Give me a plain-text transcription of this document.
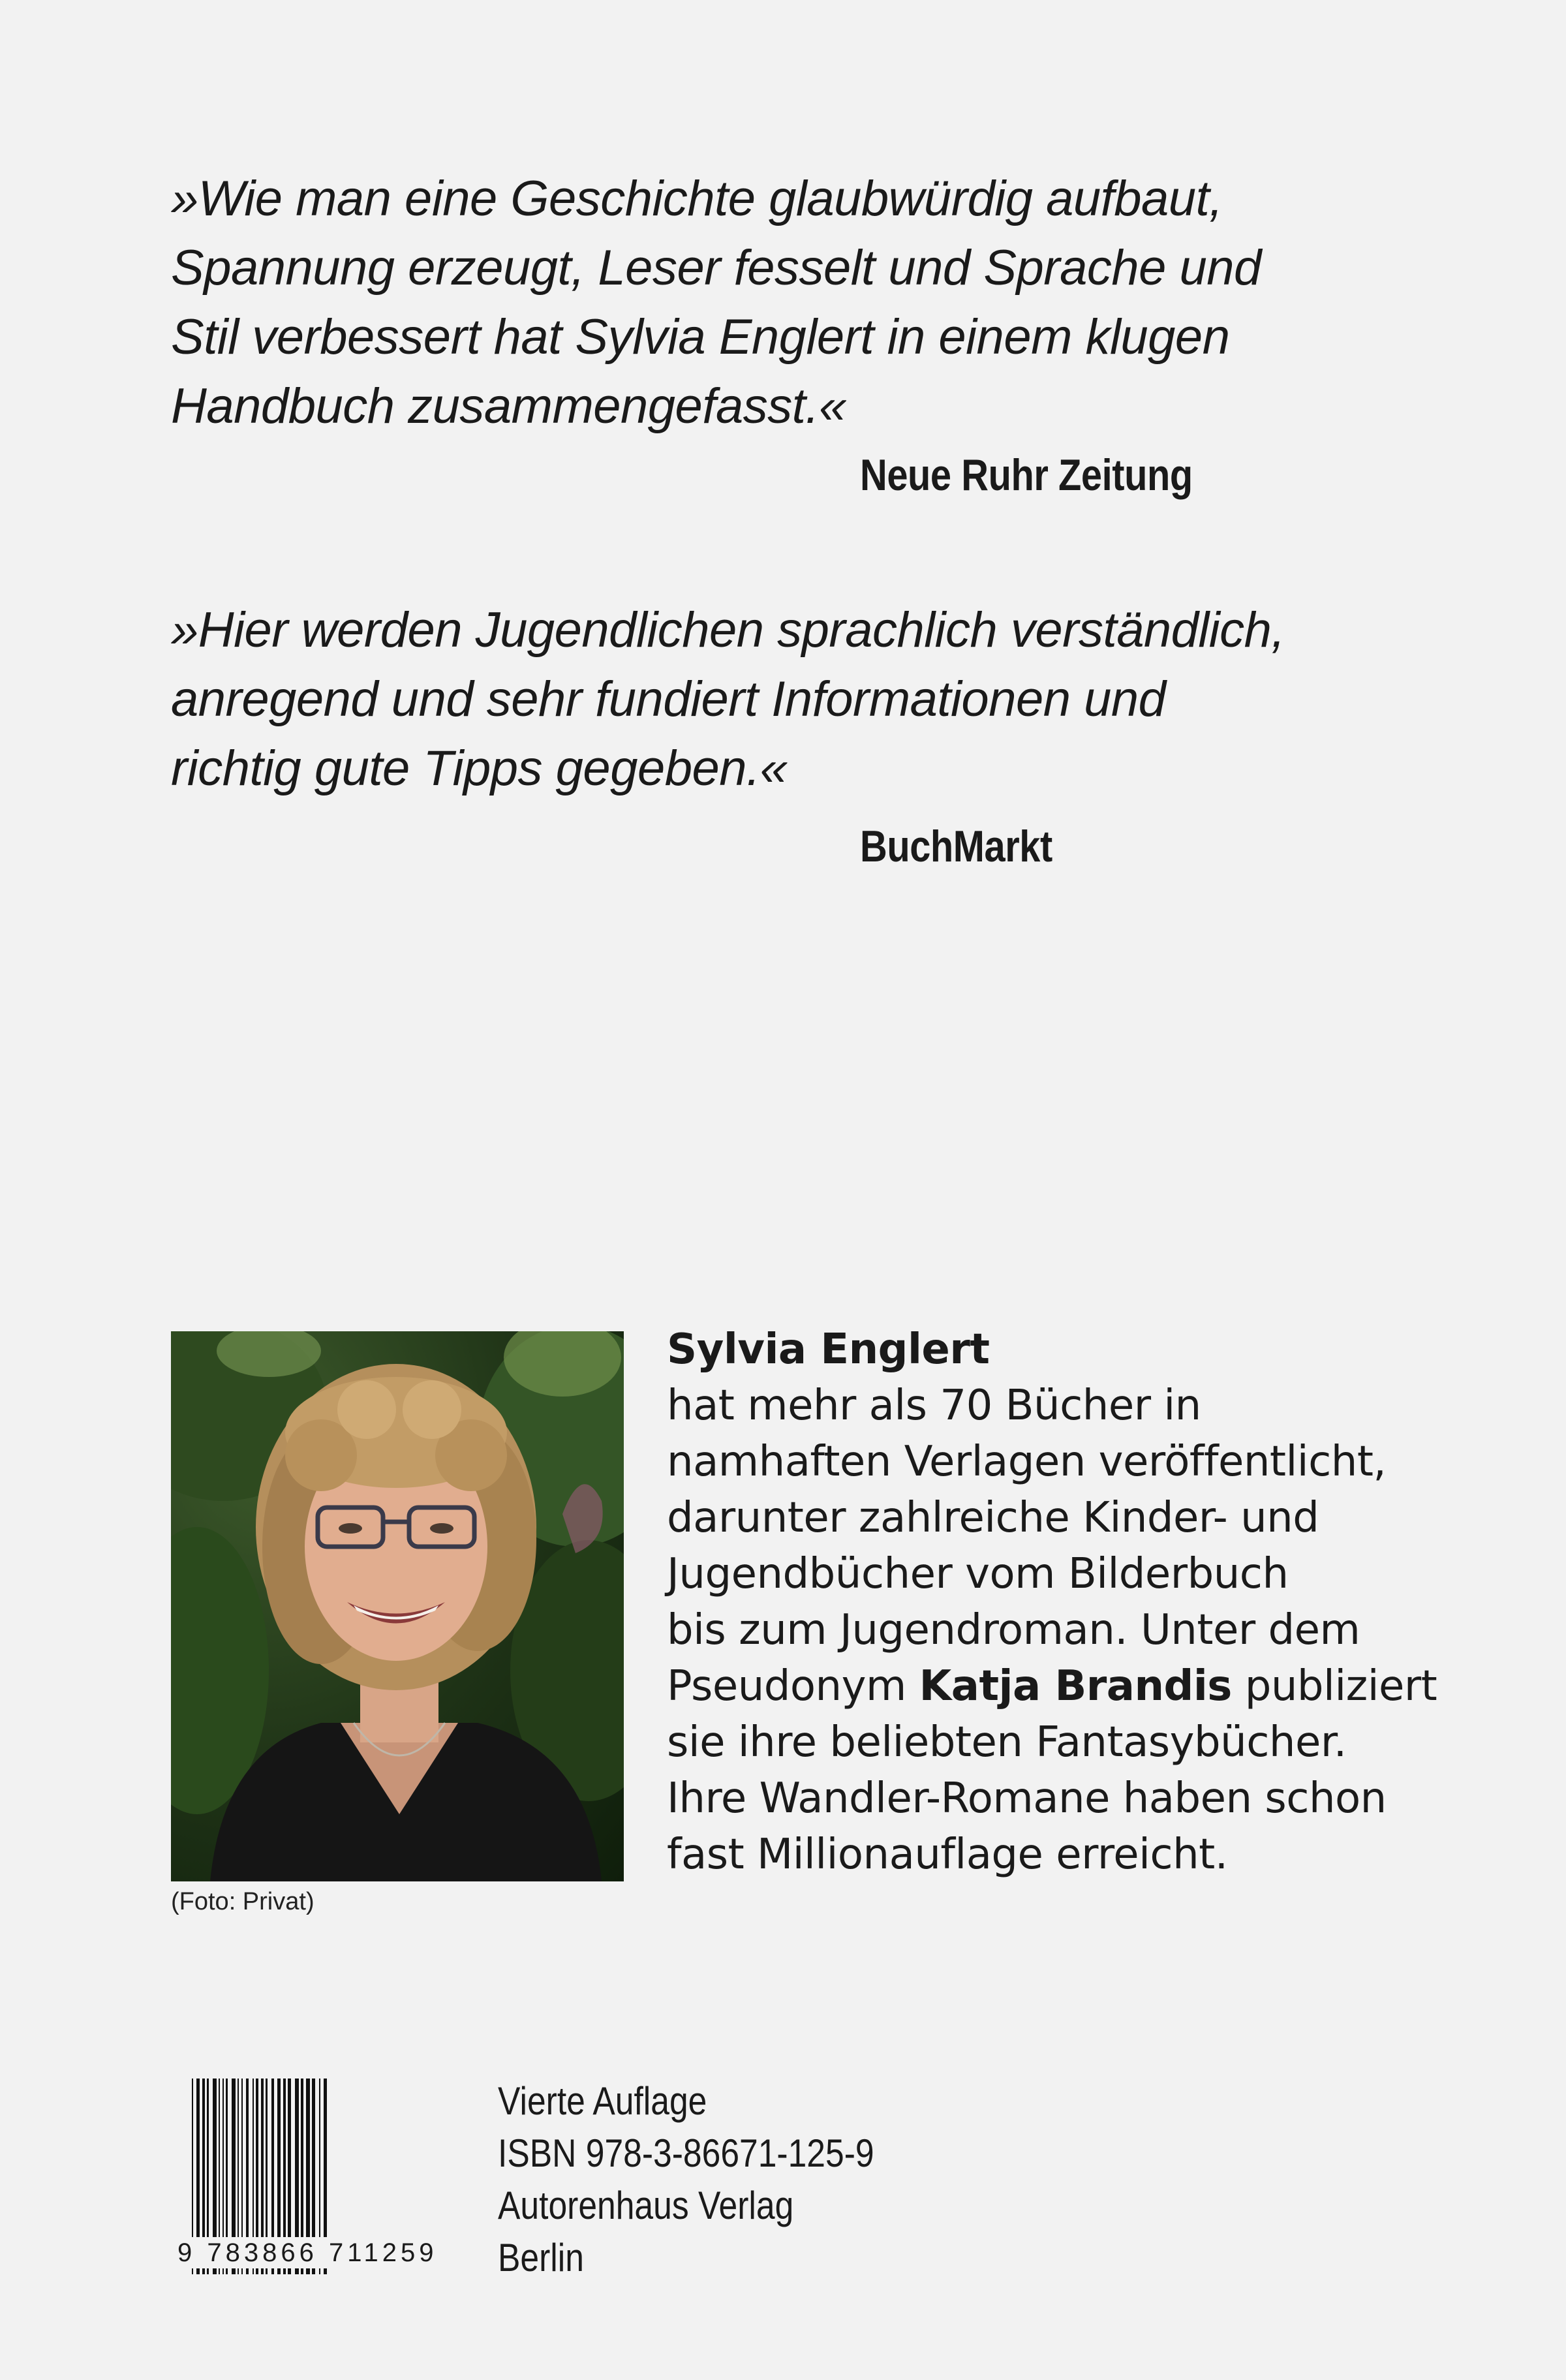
»Wie man eine Geschichte glaubwürdig aufbaut,
Spannung erzeugt, Leser fesselt und Sprache und
Stil verbessert hat Sylvia Englert in einem klugen
Handbuch zusammengefasst.«
Neue Ruhr Zeitung
»Hier werden Jugendlichen sprachlich verständlich,
anregend und sehr fundiert Informationen und
richtig gute Tipps gegeben.«
BuchMarkt
(Foto: Privat)
Sylvia Englert
hat mehr als 70 Bücher in
namhaften Verlagen veröffentlicht,
darunter zahlreiche Kinder- und
Jugendbücher vom Bilderbuch
bis zum Jugendroman. Unter dem
Pseudonym Katja Brandis publiziert
sie ihre beliebten Fantasybücher.
Ihre Wandler-Romane haben schon
fast Millionauflage erreicht.
9 783866 711259
Vierte Auflage
ISBN 978-3-86671-125-9
Autorenhaus Verlag
Berlin
